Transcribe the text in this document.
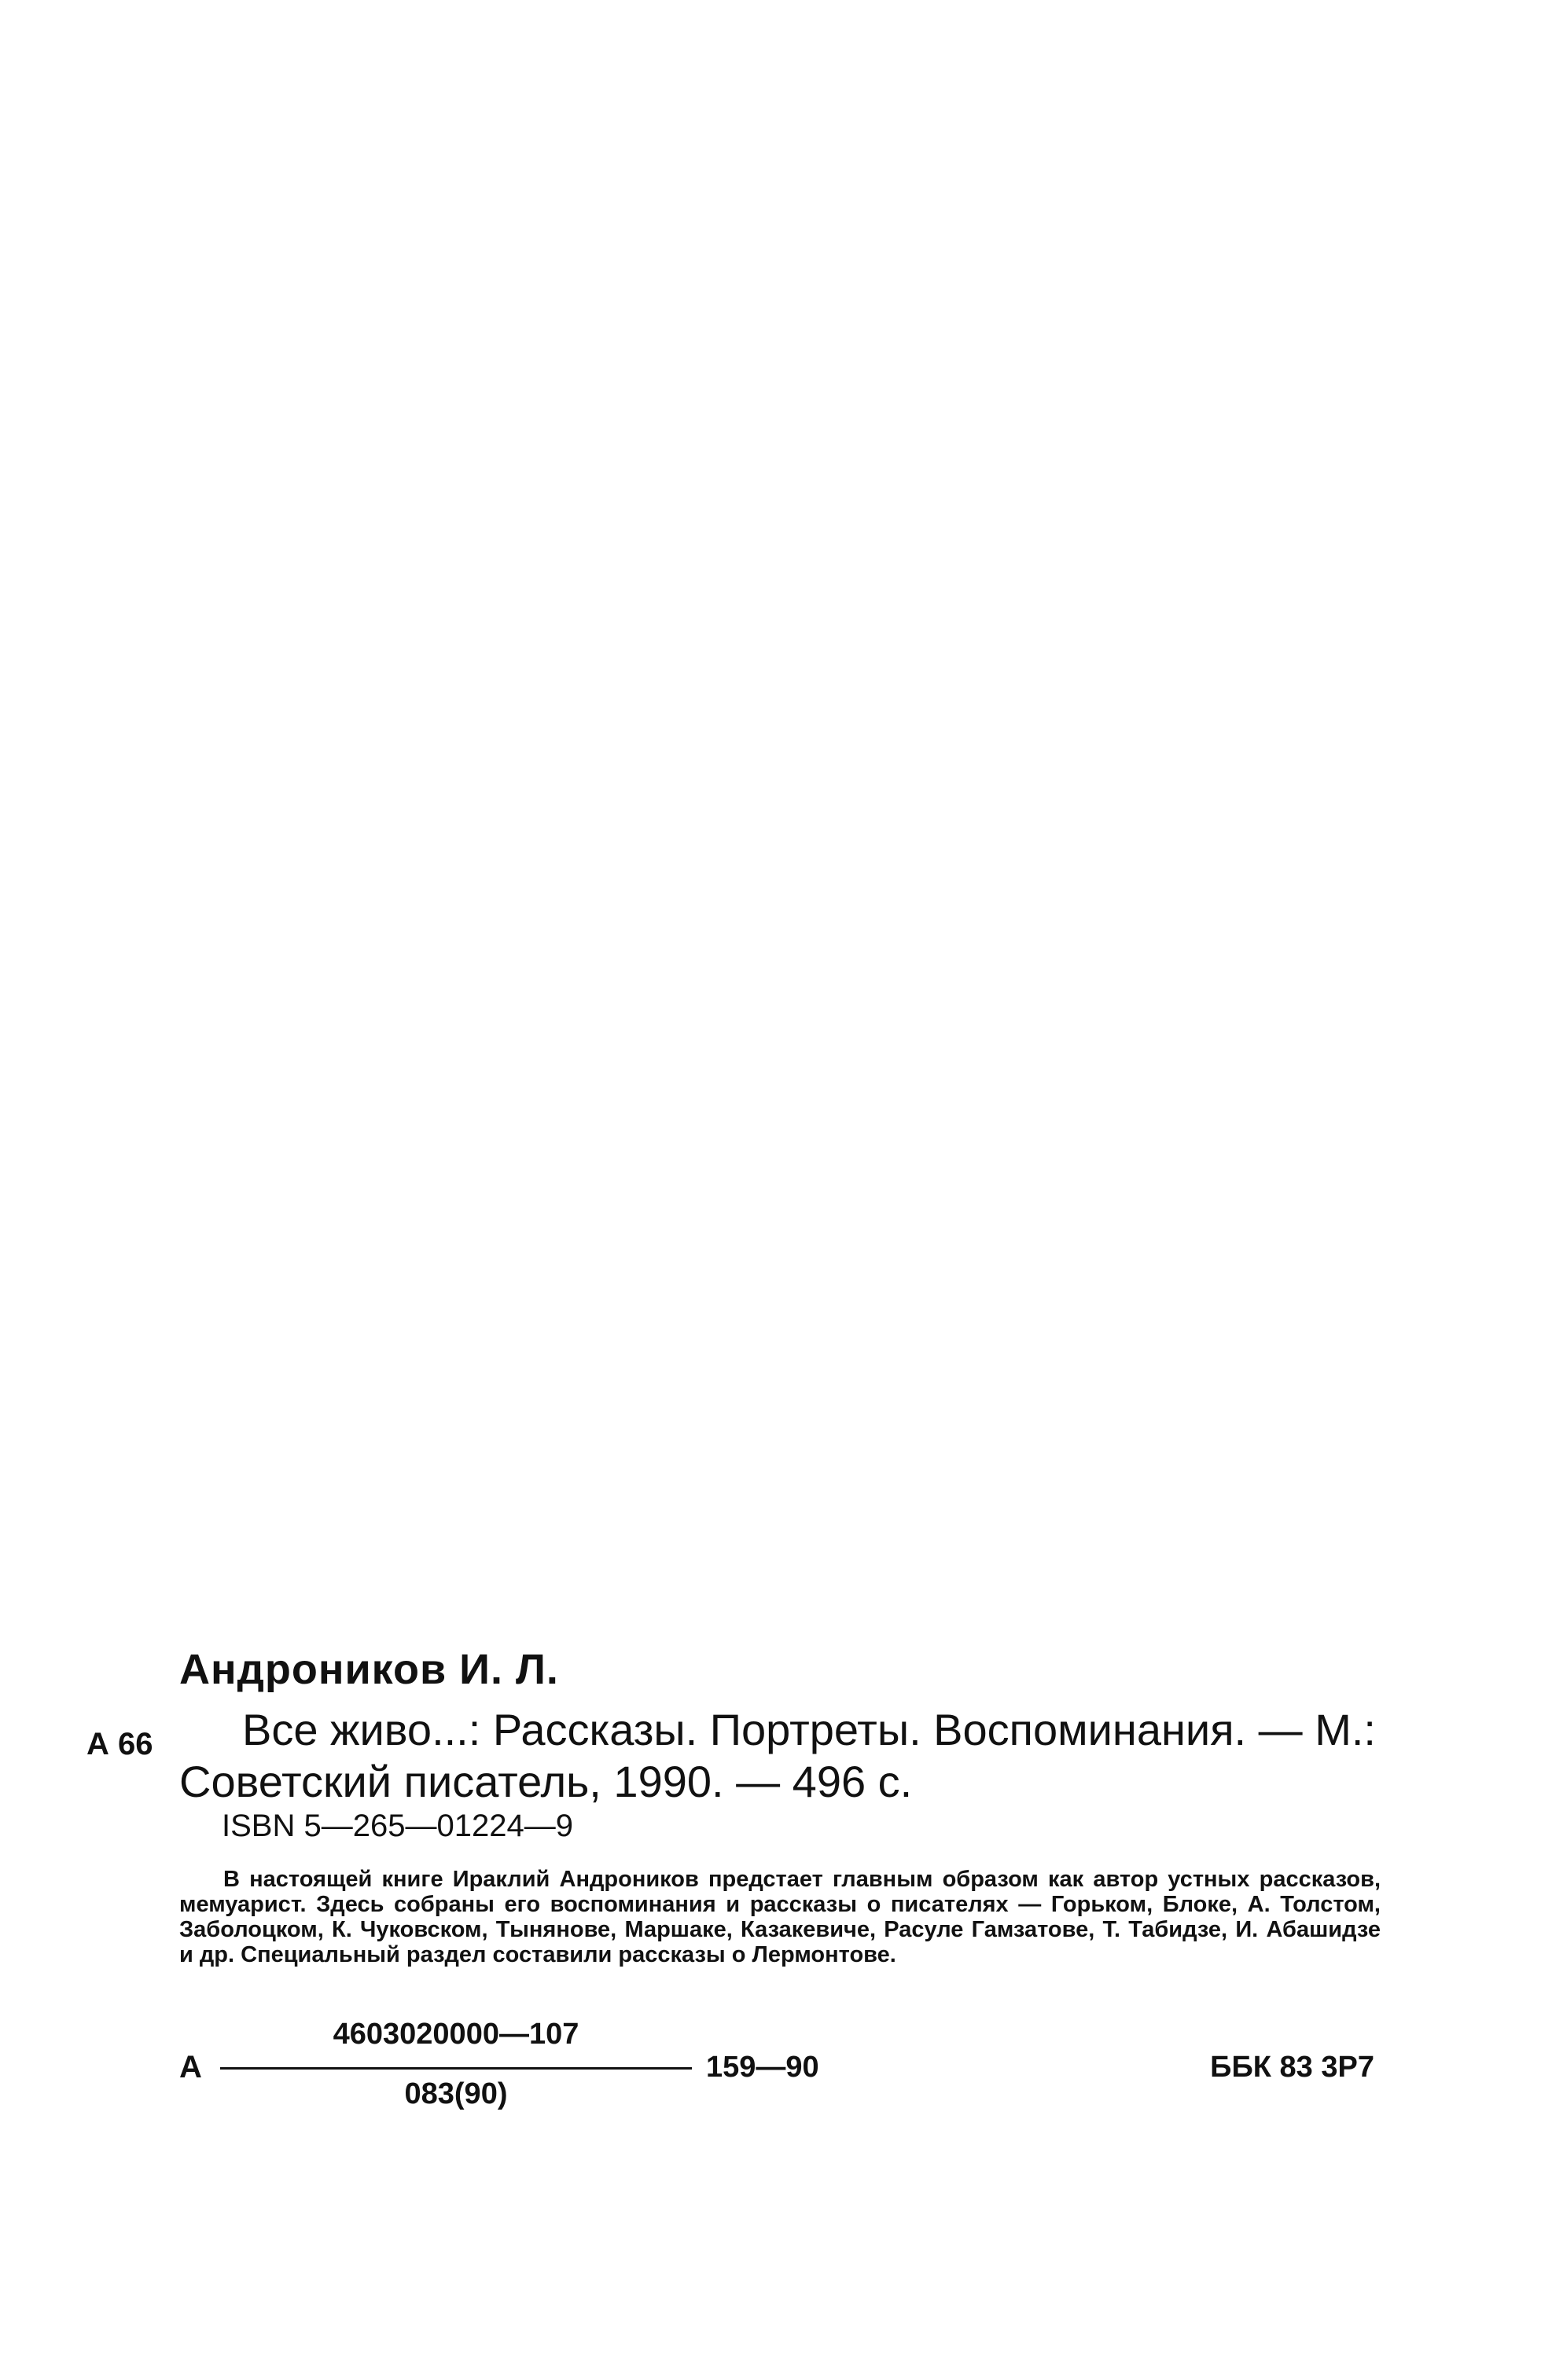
Андроников И. Л.
А 66	Все живо...: Рассказы. Портреты. Воспоминания. — М.:
Советский писатель, 1990. — 496 с.
ISBN 5—265—01224—9
В настоящей книге Ираклий Андроников предстает главным образом как автор устных рассказов, мемуарист. Здесь собраны его воспоминания и рассказы о писателях — Горьком, Блоке, А. Толстом, Заболоцком, К. Чуковском, Тынянове, Маршаке, Казакевиче, Расуле Гамзатове, Т. Табидзе, И. Абашидзе и др. Специальный раздел составили рассказы о Лермонтове.
А
4603020000—107
083(90)
159—90	ББК 83 3Р7
